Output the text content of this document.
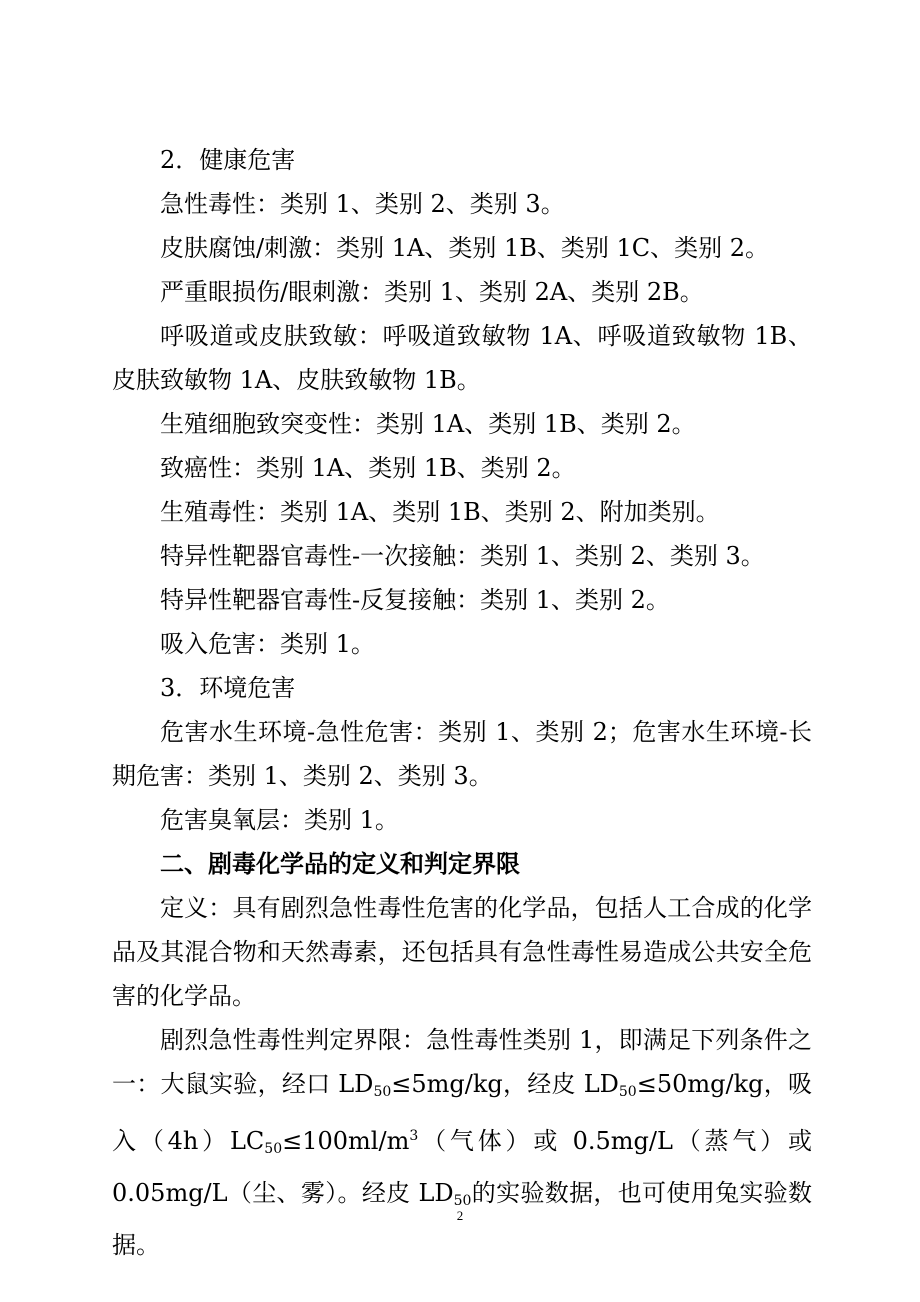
2．健康危害

急性毒性：类别 1、类别 2、类别 3。

皮肤腐蚀/刺激：类别 1A、类别 1B、类别 1C、类别 2。

严重眼损伤/眼刺激：类别 1、类别 2A、类别 2B。

呼吸道或皮肤致敏：呼吸道致敏物 1A、呼吸道致敏物 1B、皮肤致敏物 1A、皮肤致敏物 1B。

生殖细胞致突变性：类别 1A、类别 1B、类别 2。

致癌性：类别 1A、类别 1B、类别 2。

生殖毒性：类别 1A、类别 1B、类别 2、附加类别。

特异性靶器官毒性-一次接触：类别 1、类别 2、类别 3。

特异性靶器官毒性-反复接触：类别 1、类别 2。

吸入危害：类别 1。

3．环境危害

危害水生环境-急性危害：类别 1、类别 2；危害水生环境-长期危害：类别 1、类别 2、类别 3。

危害臭氧层：类别 1。

二、剧毒化学品的定义和判定界限

定义：具有剧烈急性毒性危害的化学品，包括人工合成的化学品及其混合物和天然毒素，还包括具有急性毒性易造成公共安全危害的化学品。

剧烈急性毒性判定界限：急性毒性类别 1，即满足下列条件之一：大鼠实验，经口 $LD_{50}\le 5mg/kg$，经皮 $LD_{50}\le 50mg/kg$，吸入$(4h)LC_{50}\le 100ml/m^3$（气体）或 0.5mg/L（蒸气）或 0.05mg/L（尘、雾）。经皮 $LD_{50}$的实验数据，也可使用兔实验数据。

2
